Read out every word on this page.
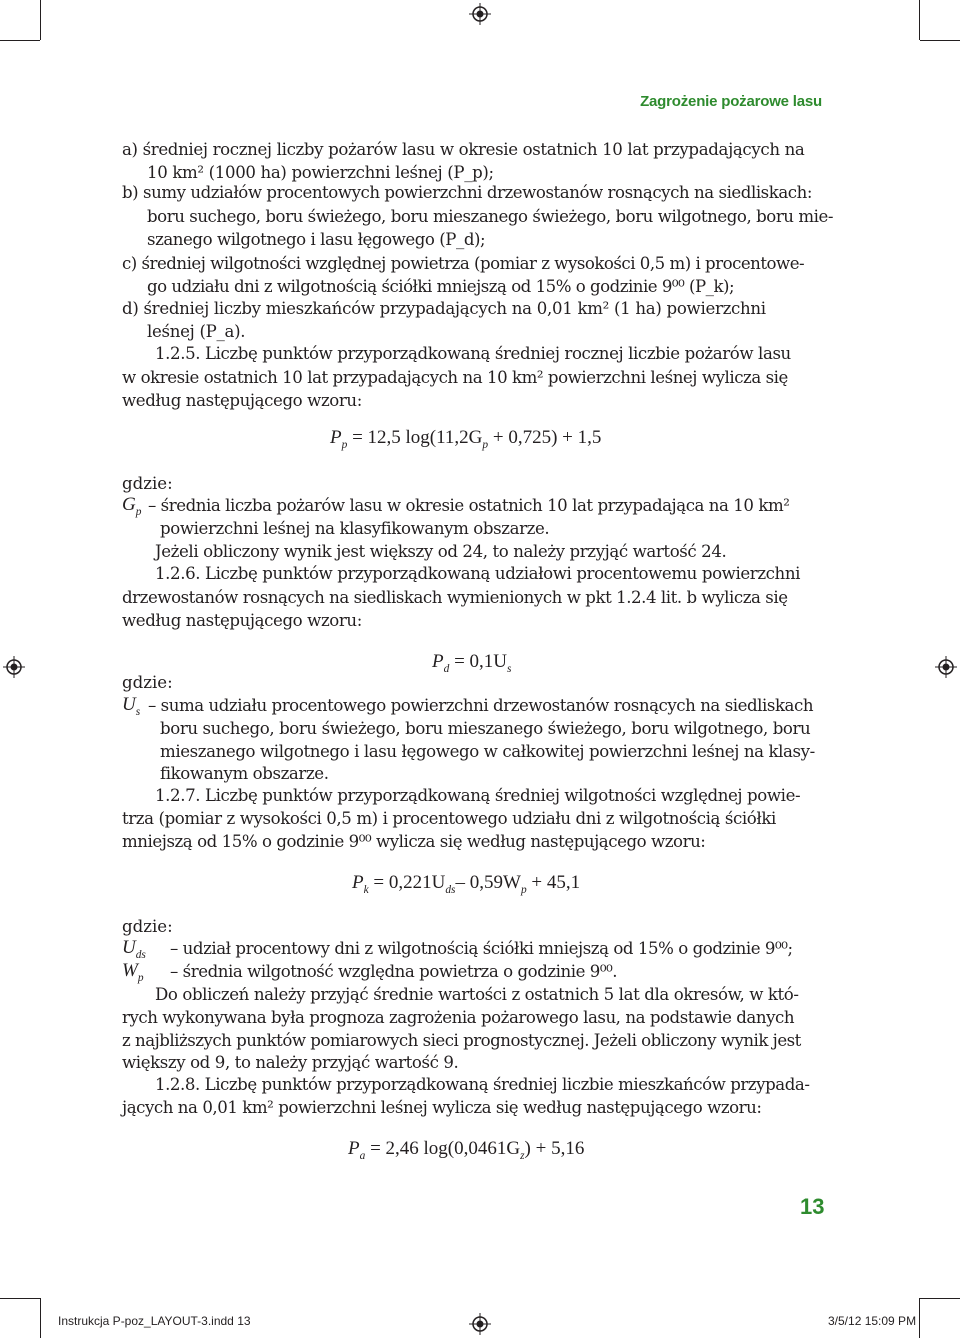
Zagrożenie pożarowe lasu
a) średniej rocznej liczby pożarów lasu w okresie ostatnich 10 lat przypadających na
10 km² (1000 ha) powierzchni leśnej (P_p);
b) sumy udziałów procentowych powierzchni drzewostanów rosnących na siedliskach:
boru suchego, boru świeżego, boru mieszanego świeżego, boru wilgotnego, boru mie-
szanego wilgotnego i lasu łęgowego (P_d);
c) średniej wilgotności względnej powietrza (pomiar z wysokości 0,5 m) i procentowe-
go udziału dni z wilgotnością ściółki mniejszą od 15% o godzinie 9⁰⁰ (P_k);
d) średniej liczby mieszkańców przypadających na 0,01 km² (1 ha) powierzchni
leśnej (P_a).
1.2.5. Liczbę punktów przyporządkowaną średniej rocznej liczbie pożarów lasu
w okresie ostatnich 10 lat przypadających na 10 km² powierzchni leśnej wylicza się
według następującego wzoru:
$P_p = 12,5$ $\log(11,2G_p + 0,725) + 1,5$
gdzie:
$G_p$ – średnia liczba pożarów lasu w okresie ostatnich 10 lat przypadająca na 10 km²
powierzchni leśnej na klasyfikowanym obszarze.
Jeżeli obliczony wynik jest większy od 24, to należy przyjąć wartość 24.
1.2.6. Liczbę punktów przyporządkowaną udziałowi procentowemu powierzchni
drzewostanów rosnących na siedliskach wymienionych w pkt 1.2.4 lit. b wylicza się
według następującego wzoru:
$P_d = 0,1U_s$
gdzie:
$U_s$ – suma udziału procentowego powierzchni drzewostanów rosnących na siedliskach
boru suchego, boru świeżego, boru mieszanego świeżego, boru wilgotnego, boru
mieszanego wilgotnego i lasu łęgowego w całkowitej powierzchni leśnej na klasy-
fikowanym obszarze.
1.2.7. Liczbę punktów przyporządkowaną średniej wilgotności względnej powie-
trza (pomiar z wysokości 0,5 m) i procentowego udziału dni z wilgotnością ściółki
mniejszą od 15% o godzinie 9⁰⁰ wylicza się według następującego wzoru:
$P_k = 0,221U_{ds}-$ $0,59W_p + 45,1$
gdzie:
$U_{ds}$ – udział procentowy dni z wilgotnością ściółki mniejszą od 15% o godzinie 9⁰⁰;
$W_p$ – średnia wilgotność względna powietrza o godzinie 9⁰⁰.
Do obliczeń należy przyjąć średnie wartości z ostatnich 5 lat dla okresów, w któ-
rych wykonywana była prognoza zagrożenia pożarowego lasu, na podstawie danych
z najbliższych punktów pomiarowych sieci prognostycznej. Jeżeli obliczony wynik jest
większy od 9, to należy przyjąć wartość 9.
1.2.8. Liczbę punktów przyporządkowaną średniej liczbie mieszkańców przypada-
jących na 0,01 km² powierzchni leśnej wylicza się według następującego wzoru:
$P_a = 2,46$ $\log(0,0461G_z) + 5,16$
13
Instrukcja P-poz_LAYOUT-3.indd 13	3/5/12 15:09 PM
